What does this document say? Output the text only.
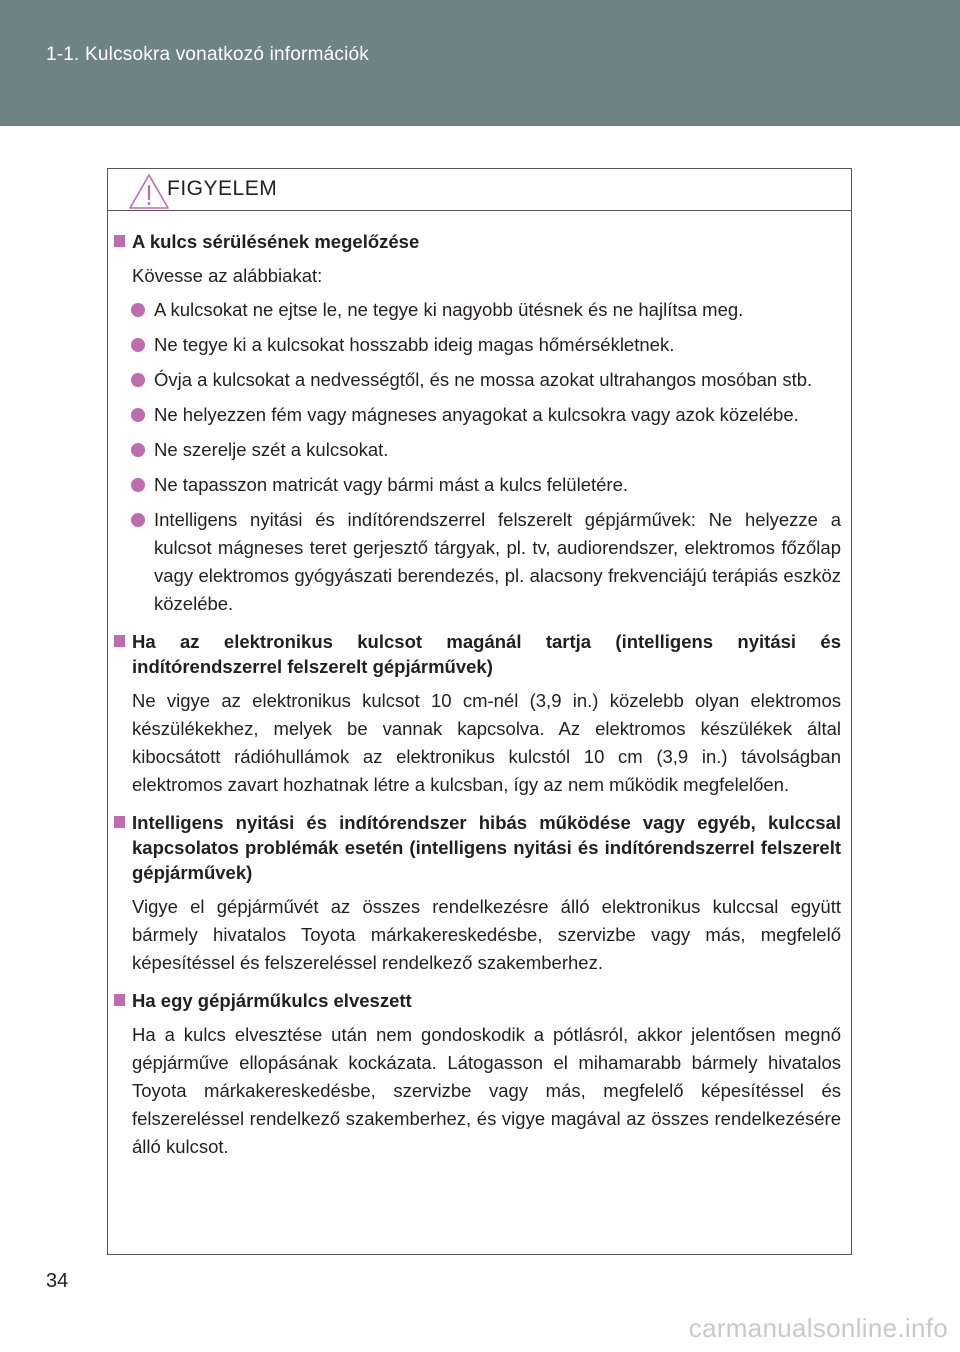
1-1. Kulcsokra vonatkozó információk
FIGYELEM
A kulcs sérülésének megelőzése
Kövesse az alábbiakat:
A kulcsokat ne ejtse le, ne tegye ki nagyobb ütésnek és ne hajlítsa meg.
Ne tegye ki a kulcsokat hosszabb ideig magas hőmérsékletnek.
Óvja a kulcsokat a nedvességtől, és ne mossa azokat ultrahangos mosóban stb.
Ne helyezzen fém vagy mágneses anyagokat a kulcsokra vagy azok közelébe.
Ne szerelje szét a kulcsokat.
Ne tapasszon matricát vagy bármi mást a kulcs felületére.
Intelligens nyitási és indítórendszerrel felszerelt gépjárművek: Ne helyezze a kulcsot mágneses teret gerjesztő tárgyak, pl. tv, audiorendszer, elektromos főzőlap vagy elektromos gyógyászati berendezés, pl. alacsony frekvenciájú terápiás eszköz közelébe.
Ha az elektronikus kulcsot magánál tartja (intelligens nyitási és indítórendszerrel felszerelt gépjárművek)
Ne vigye az elektronikus kulcsot 10 cm-nél (3,9 in.) közelebb olyan elektromos készülékekhez, melyek be vannak kapcsolva. Az elektromos készülékek által kibocsátott rádióhullámok az elektronikus kulcstól 10 cm (3,9 in.) távolságban elektromos zavart hozhatnak létre a kulcsban, így az nem működik megfelelően.
Intelligens nyitási és indítórendszer hibás működése vagy egyéb, kulccsal kapcsolatos problémák esetén (intelligens nyitási és indítórendszerrel felszerelt gépjárművek)
Vigye el gépjárművét az összes rendelkezésre álló elektronikus kulccsal együtt bármely hivatalos Toyota márkakereskedésbe, szervizbe vagy más, megfelelő képesítéssel és felszereléssel rendelkező szakemberhez.
Ha egy gépjárműkulcs elveszett
Ha a kulcs elvesztése után nem gondoskodik a pótlásról, akkor jelentősen megnő gépjárműve ellopásának kockázata. Látogasson el mihamarabb bármely hivatalos Toyota márkakereskedésbe, szervizbe vagy más, megfelelő képesítéssel és felszereléssel rendelkező szakemberhez, és vigye magával az összes rendelkezésére álló kulcsot.
34
carmanualsonline.info
